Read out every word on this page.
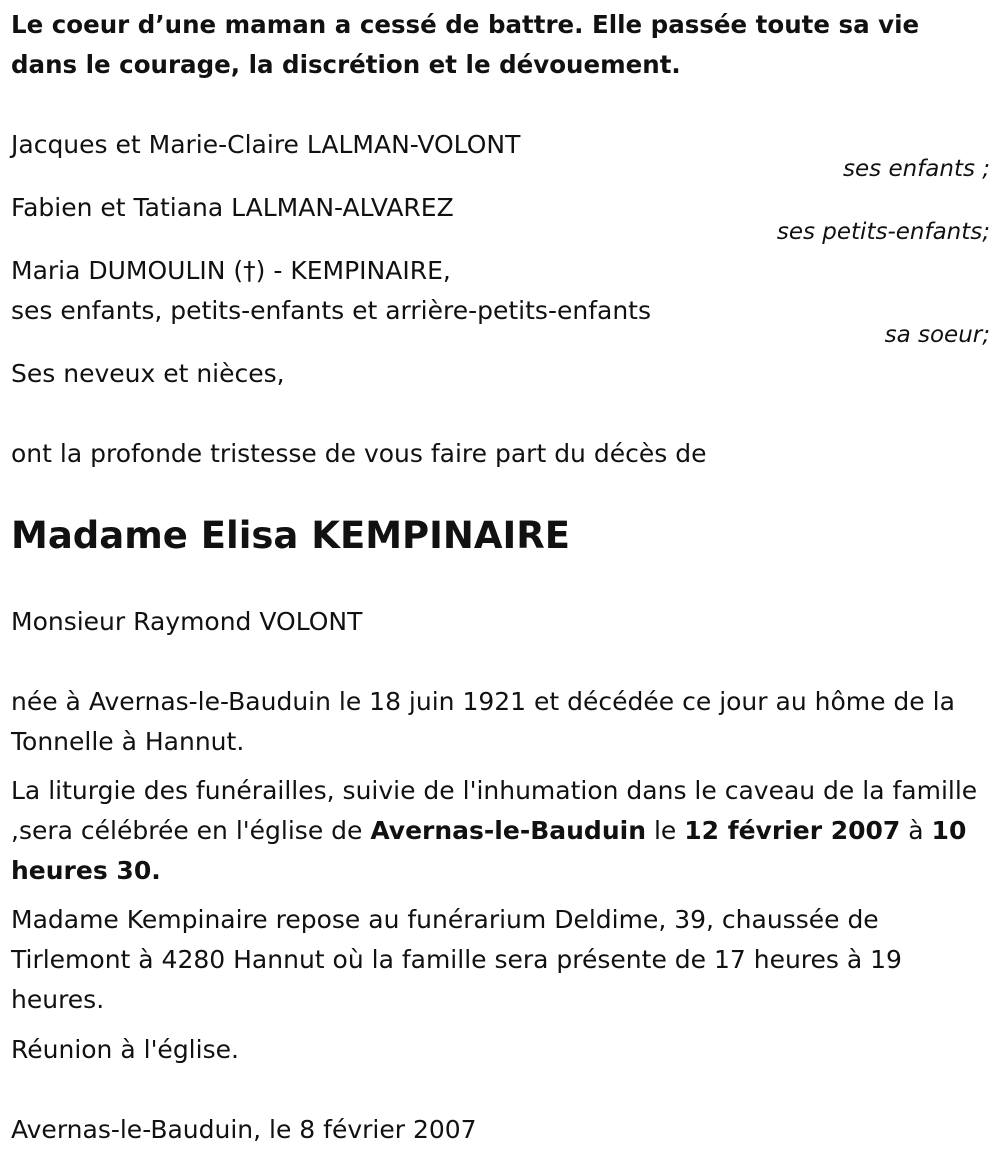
Le coeur d’une maman a cessé de battre. Elle passée toute sa vie
dans le courage, la discrétion et le dévouement.
Jacques et Marie-Claire LALMAN-VOLONT
ses enfants ;
Fabien et Tatiana LALMAN-ALVAREZ
ses petits-enfants;
Maria DUMOULIN (†) - KEMPINAIRE,
ses enfants, petits-enfants et arrière-petits-enfants
sa soeur;
Ses neveux et nièces,
ont la profonde tristesse de vous faire part du décès de
Madame Elisa KEMPINAIRE
Monsieur Raymond VOLONT
née à Avernas-le-Bauduin le 18 juin 1921 et décédée ce jour au hôme de la Tonnelle à Hannut.
La liturgie des funérailles, suivie de l'inhumation dans le caveau de la famille ,sera célébrée en l'église de Avernas-le-Bauduin le 12 février 2007 à 10 heures 30.
Madame Kempinaire repose au funérarium Deldime, 39, chaussée de Tirlemont à 4280 Hannut où la famille sera présente de 17 heures à 19 heures.
Réunion à l'église.
Avernas-le-Bauduin, le 8 février 2007
